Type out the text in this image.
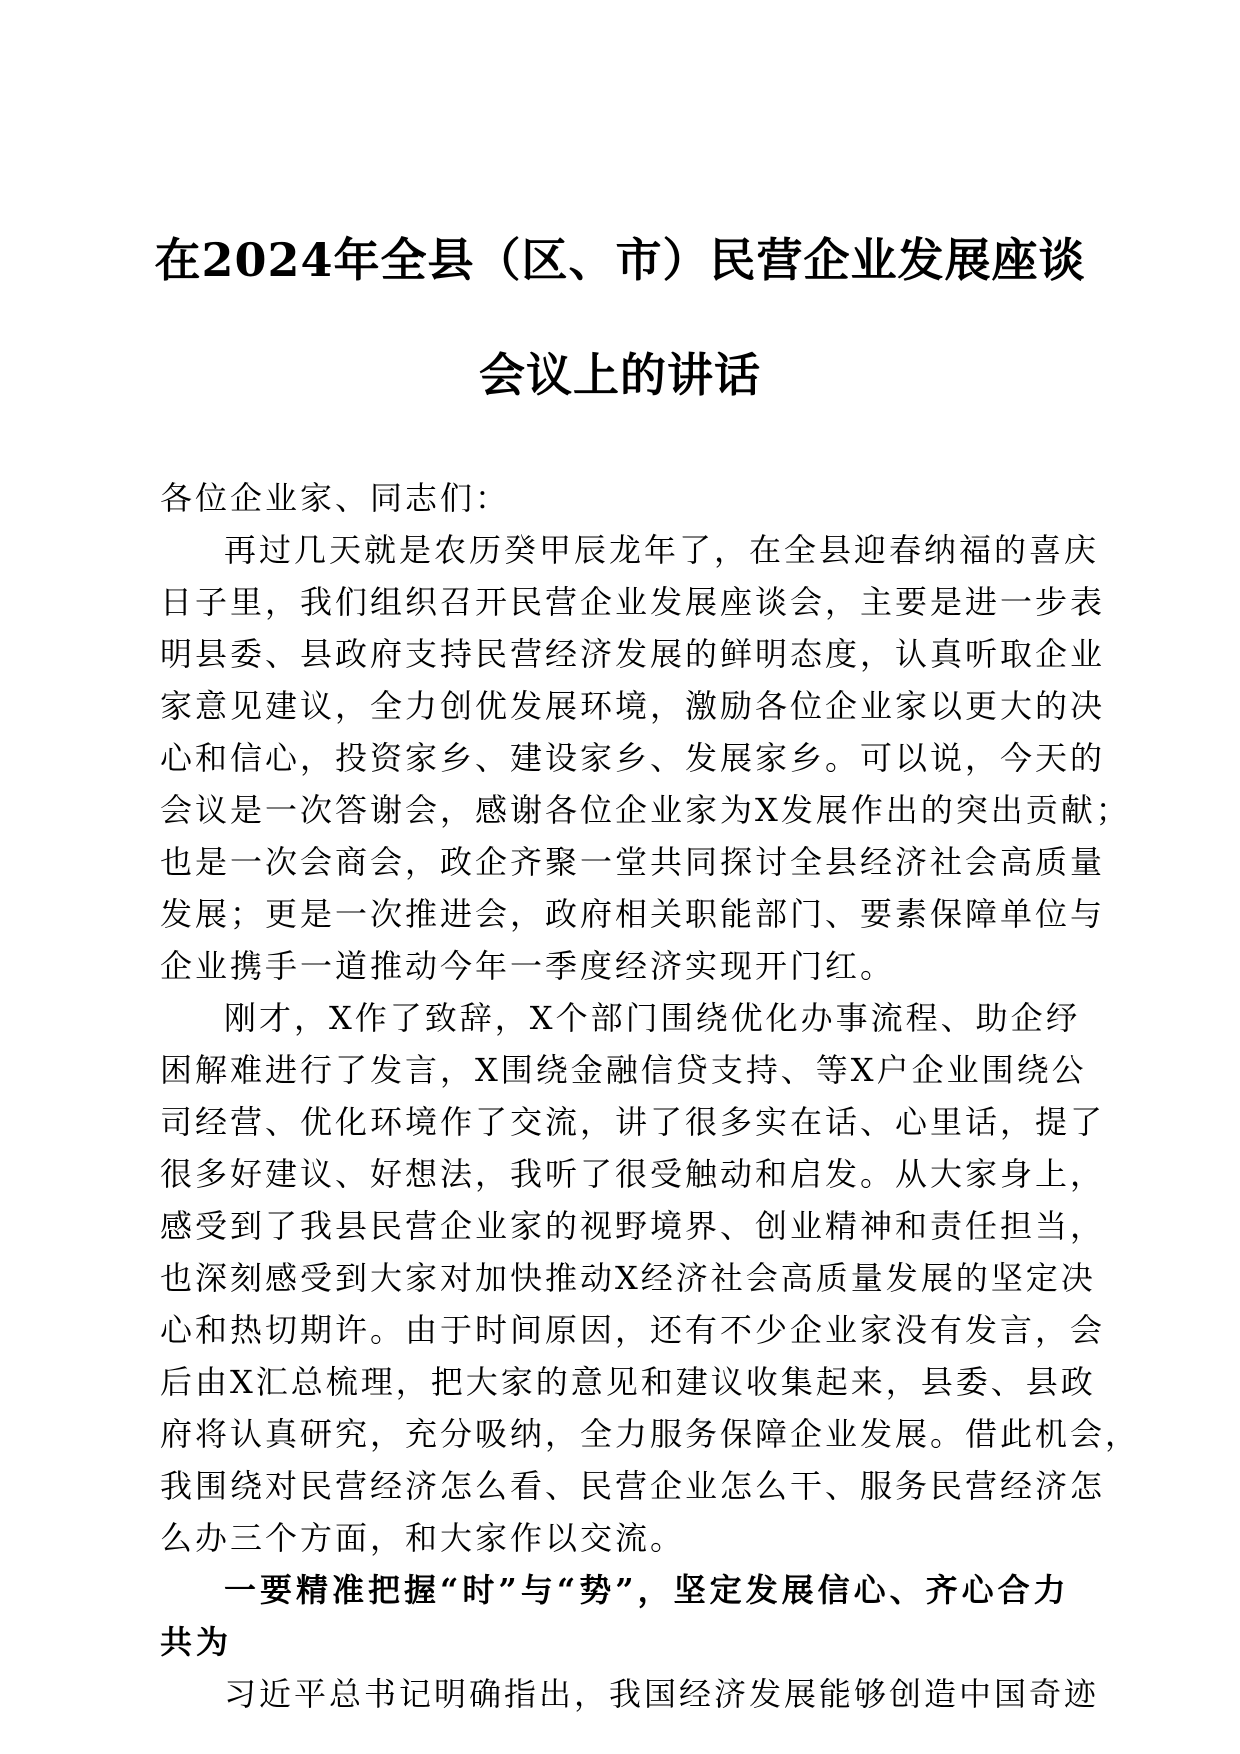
在2024年全县（区、市）民营企业发展座谈
会议上的讲话
各位企业家、同志们：
再过几天就是农历癸甲辰龙年了，在全县迎春纳福的喜庆
日子里，我们组织召开民营企业发展座谈会，主要是进一步表
明县委、县政府支持民营经济发展的鲜明态度，认真听取企业
家意见建议，全力创优发展环境，激励各位企业家以更大的决
心和信心，投资家乡、建设家乡、发展家乡。可以说，今天的
会议是一次答谢会，感谢各位企业家为X发展作出的突出贡献；
也是一次会商会，政企齐聚一堂共同探讨全县经济社会高质量
发展；更是一次推进会，政府相关职能部门、要素保障单位与
企业携手一道推动今年一季度经济实现开门红。
刚才，X作了致辞，X个部门围绕优化办事流程、助企纾
困解难进行了发言，X围绕金融信贷支持、等X户企业围绕公
司经营、优化环境作了交流，讲了很多实在话、心里话，提了
很多好建议、好想法，我听了很受触动和启发。从大家身上，
感受到了我县民营企业家的视野境界、创业精神和责任担当，
也深刻感受到大家对加快推动X经济社会高质量发展的坚定决
心和热切期许。由于时间原因，还有不少企业家没有发言，会
后由X汇总梳理，把大家的意见和建议收集起来，县委、县政
府将认真研究，充分吸纳，全力服务保障企业发展。借此机会，
我围绕对民营经济怎么看、民营企业怎么干、服务民营经济怎
么办三个方面，和大家作以交流。
一要精准把握“时”与“势”，坚定发展信心、齐心合力
共为
习近平总书记明确指出，我国经济发展能够创造中国奇迹
